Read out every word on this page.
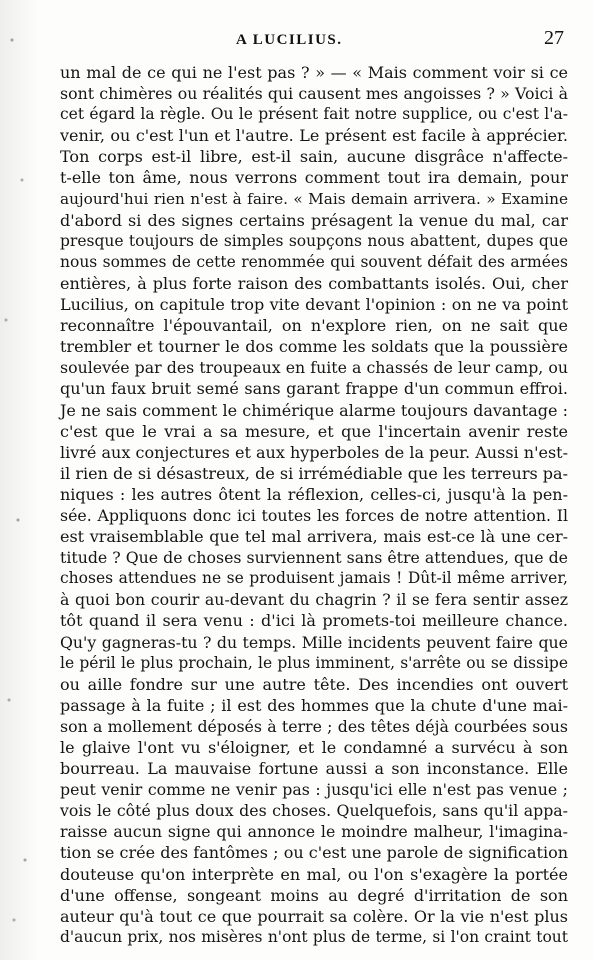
A LUCILIUS.	27
un mal de ce qui ne l'est pas ? » — « Mais comment voir si ce
sont chimères ou réalités qui causent mes angoisses ? » Voici à
cet égard la règle. Ou le présent fait notre supplice, ou c'est l'a-
venir, ou c'est l'un et l'autre. Le présent est facile à apprécier.
Ton corps est-il libre, est-il sain, aucune disgrâce n'affecte-
t-elle ton âme, nous verrons comment tout ira demain, pour
aujourd'hui rien n'est à faire. « Mais demain arrivera. » Examine
d'abord si des signes certains présagent la venue du mal, car
presque toujours de simples soupçons nous abattent, dupes que
nous sommes de cette renommée qui souvent défait des armées
entières, à plus forte raison des combattants isolés. Oui, cher
Lucilius, on capitule trop vite devant l'opinion : on ne va point
reconnaître l'épouvantail, on n'explore rien, on ne sait que
trembler et tourner le dos comme les soldats que la poussière
soulevée par des troupeaux en fuite a chassés de leur camp, ou
qu'un faux bruit semé sans garant frappe d'un commun effroi.
Je ne sais comment le chimérique alarme toujours davantage :
c'est que le vrai a sa mesure, et que l'incertain avenir reste
livré aux conjectures et aux hyperboles de la peur. Aussi n'est-
il rien de si désastreux, de si irrémédiable que les terreurs pa-
niques : les autres ôtent la réflexion, celles-ci, jusqu'à la pen-
sée. Appliquons donc ici toutes les forces de notre attention. Il
est vraisemblable que tel mal arrivera, mais est-ce là une cer-
titude ? Que de choses surviennent sans être attendues, que de
choses attendues ne se produisent jamais ! Dût-il même arriver,
à quoi bon courir au-devant du chagrin ? il se fera sentir assez
tôt quand il sera venu : d'ici là promets-toi meilleure chance.
Qu'y gagneras-tu ? du temps. Mille incidents peuvent faire que
le péril le plus prochain, le plus imminent, s'arrête ou se dissipe
ou aille fondre sur une autre tête. Des incendies ont ouvert
passage à la fuite ; il est des hommes que la chute d'une mai-
son a mollement déposés à terre ; des têtes déjà courbées sous
le glaive l'ont vu s'éloigner, et le condamné a survécu à son
bourreau. La mauvaise fortune aussi a son inconstance. Elle
peut venir comme ne venir pas : jusqu'ici elle n'est pas venue ;
vois le côté plus doux des choses. Quelquefois, sans qu'il appa-
raisse aucun signe qui annonce le moindre malheur, l'imagina-
tion se crée des fantômes ; ou c'est une parole de signification
douteuse qu'on interprète en mal, ou l'on s'exagère la portée
d'une offense, songeant moins au degré d'irritation de son
auteur qu'à tout ce que pourrait sa colère. Or la vie n'est plus
d'aucun prix, nos misères n'ont plus de terme, si l'on craint tout
